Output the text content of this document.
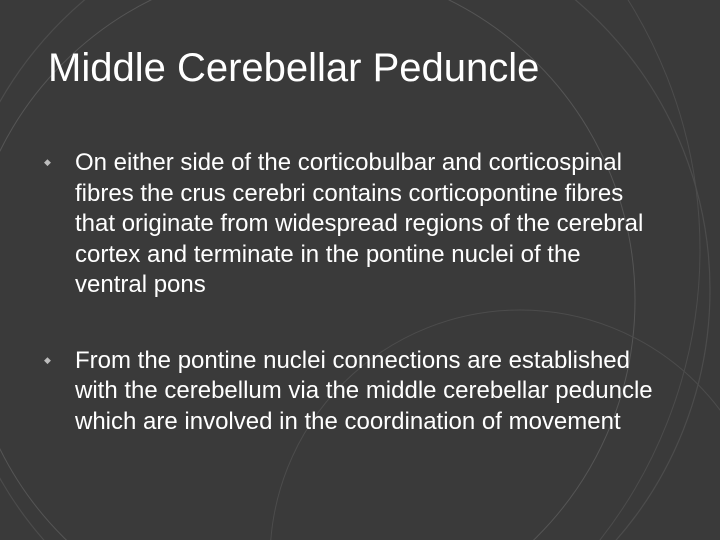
Middle Cerebellar Peduncle
◆ On either side of the corticobulbar and corticospinal fibres the crus cerebri contains corticopontine fibres that originate from widespread regions of the cerebral cortex and terminate in the pontine nuclei of the ventral pons
◆ From the pontine nuclei connections are established with the cerebellum via the middle cerebellar peduncle which are involved in the coordination of movement
